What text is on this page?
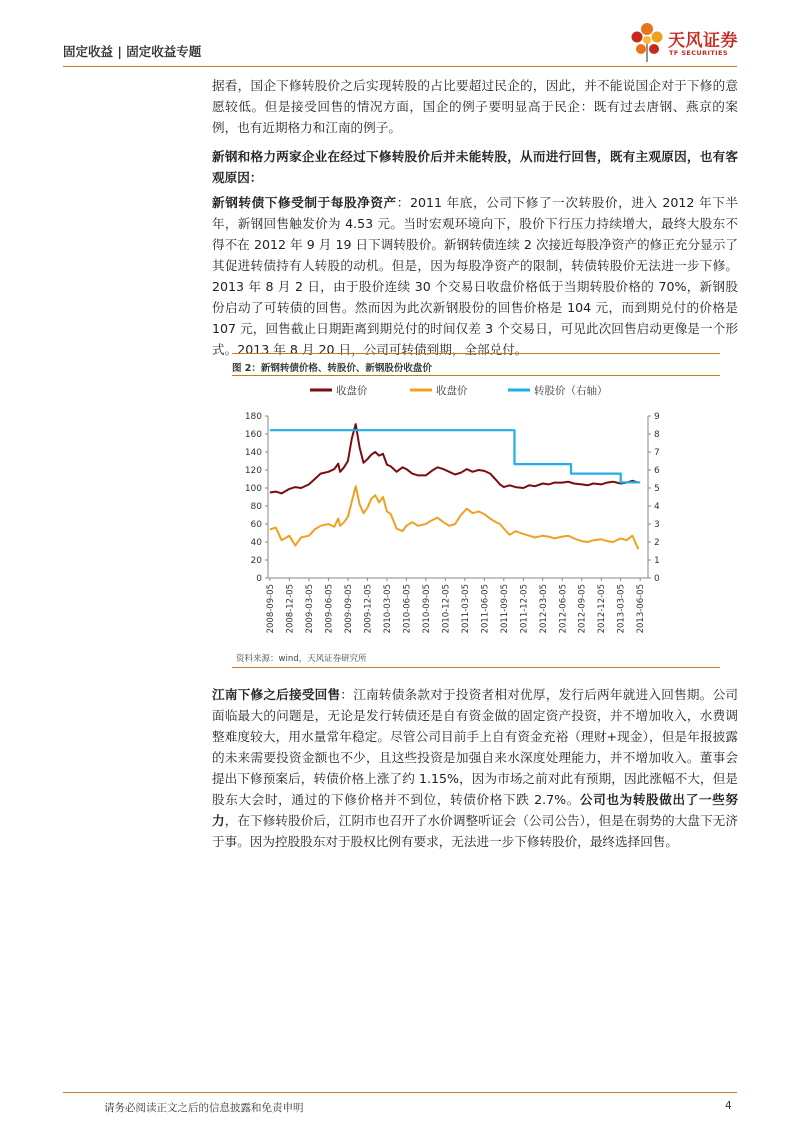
固定收益 | 固定收益专题
天风证券
TF SECURITIES

据看，国企下修转股价之后实现转股的占比要超过民企的，因此，并不能说国企对于下修的意愿较低。但是接受回售的情况方面，国企的例子要明显高于民企：既有过去唐钢、燕京的案例，也有近期格力和江南的例子。

新钢和格力两家企业在经过下修转股价后并未能转股，从而进行回售，既有主观原因，也有客观原因：

新钢转债下修受制于每股净资产：2011 年底，公司下修了一次转股价，进入 2012 年下半年，新钢回售触发价为 4.53 元。当时宏观环境向下，股价下行压力持续增大，最终大股东不得不在 2012 年 9 月 19 日下调转股价。新钢转债连续 2 次接近每股净资产的修正充分显示了其促进转债持有人转股的动机。但是，因为每股净资产的限制，转债转股价无法进一步下修。2013 年 8 月 2 日，由于股价连续 30 个交易日收盘价格低于当期转股价格的 70%，新钢股份启动了可转债的回售。然而因为此次新钢股份的回售价格是 104 元，而到期兑付的价格是 107 元，回售截止日期距离到期兑付的时间仅差 3 个交易日，可见此次回售启动更像是一个形式。2013 年 8 月 20 日，公司可转债到期，全部兑付。

图 2：新钢转债价格、转股价、新钢股份收盘价
0
20
40
60
80
100
120
140
160
180
0
1
2
3
4
5
6
7
8
9
2008-09-05 2008-12-05 2009-03-05 2009-06-05 2009-09-05 2009-12-05 2010-03-05 2010-06-05 2010-09-05 2010-12-05 2011-03-05 2011-06-05 2011-09-05 2011-12-05 2012-03-05 2012-06-05 2012-09-05 2012-12-05 2013-03-05 2013-06-05
收盘价	收盘价	转股价（右轴）
资料来源：wind，天风证券研究所

江南下修之后接受回售：江南转债条款对于投资者相对优厚，发行后两年就进入回售期。公司面临最大的问题是，无论是发行转债还是自有资金做的固定资产投资，并不增加收入，水费调整难度较大，用水量常年稳定。尽管公司目前手上自有资金充裕（理财+现金），但是年报披露的未来需要投资金额也不少，且这些投资是加强自来水深度处理能力，并不增加收入。董事会提出下修预案后，转债价格上涨了约 1.15%，因为市场之前对此有预期，因此涨幅不大，但是股东大会时，通过的下修价格并不到位，转债价格下跌 2.7%。公司也为转股做出了一些努力，在下修转股价后，江阴市也召开了水价调整听证会（公司公告），但是在弱势的大盘下无济于事。因为控股股东对于股权比例有要求，无法进一步下修转股价，最终选择回售。

请务必阅读正文之后的信息披露和免责申明	4
